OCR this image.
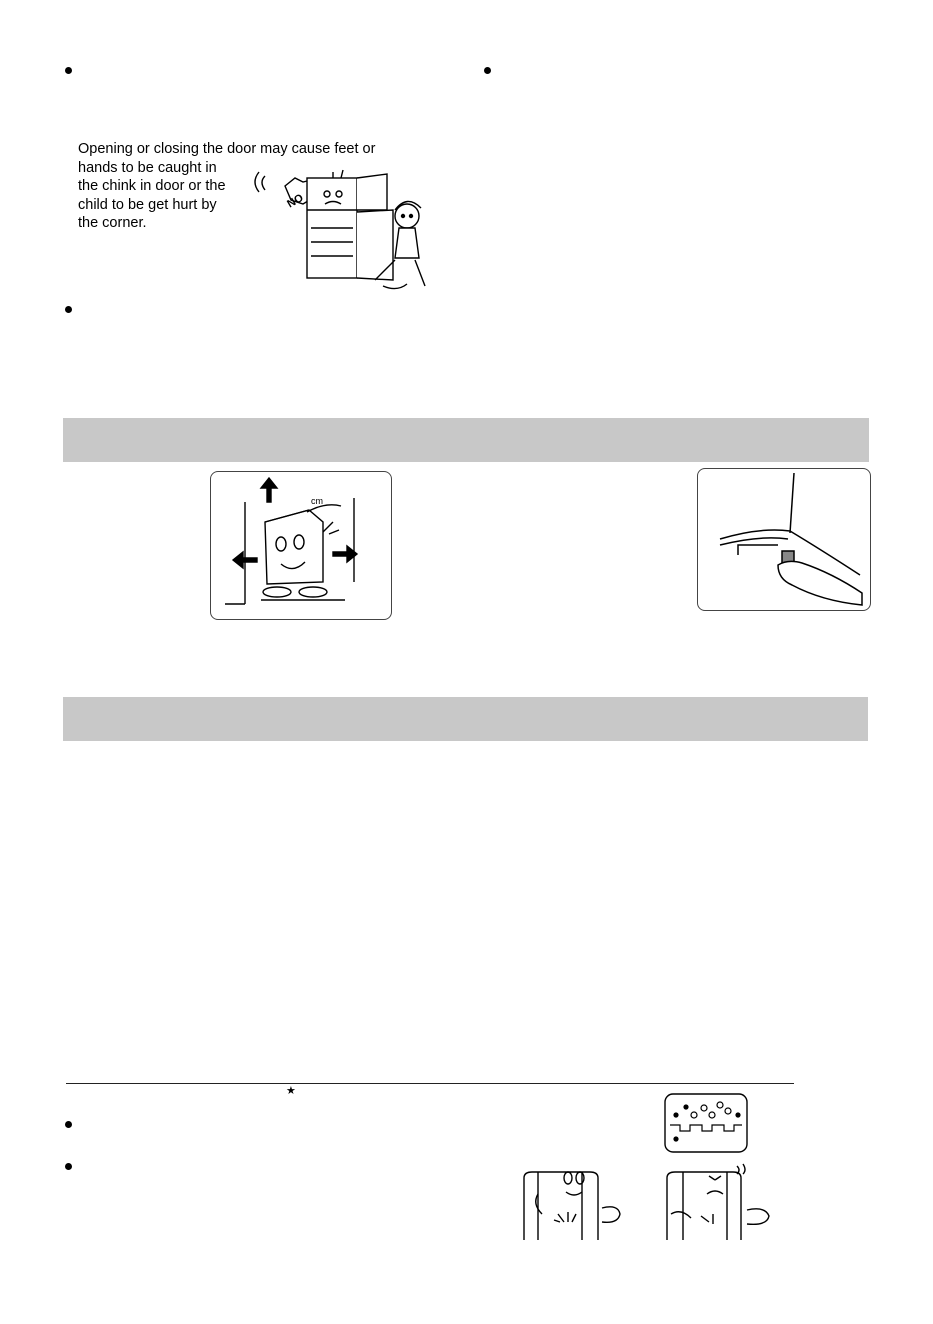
Opening or closing the door may cause feet or
hands to be caught in
the chink in door or the
child to be get hurt by
the corner.
NO
cm
★
